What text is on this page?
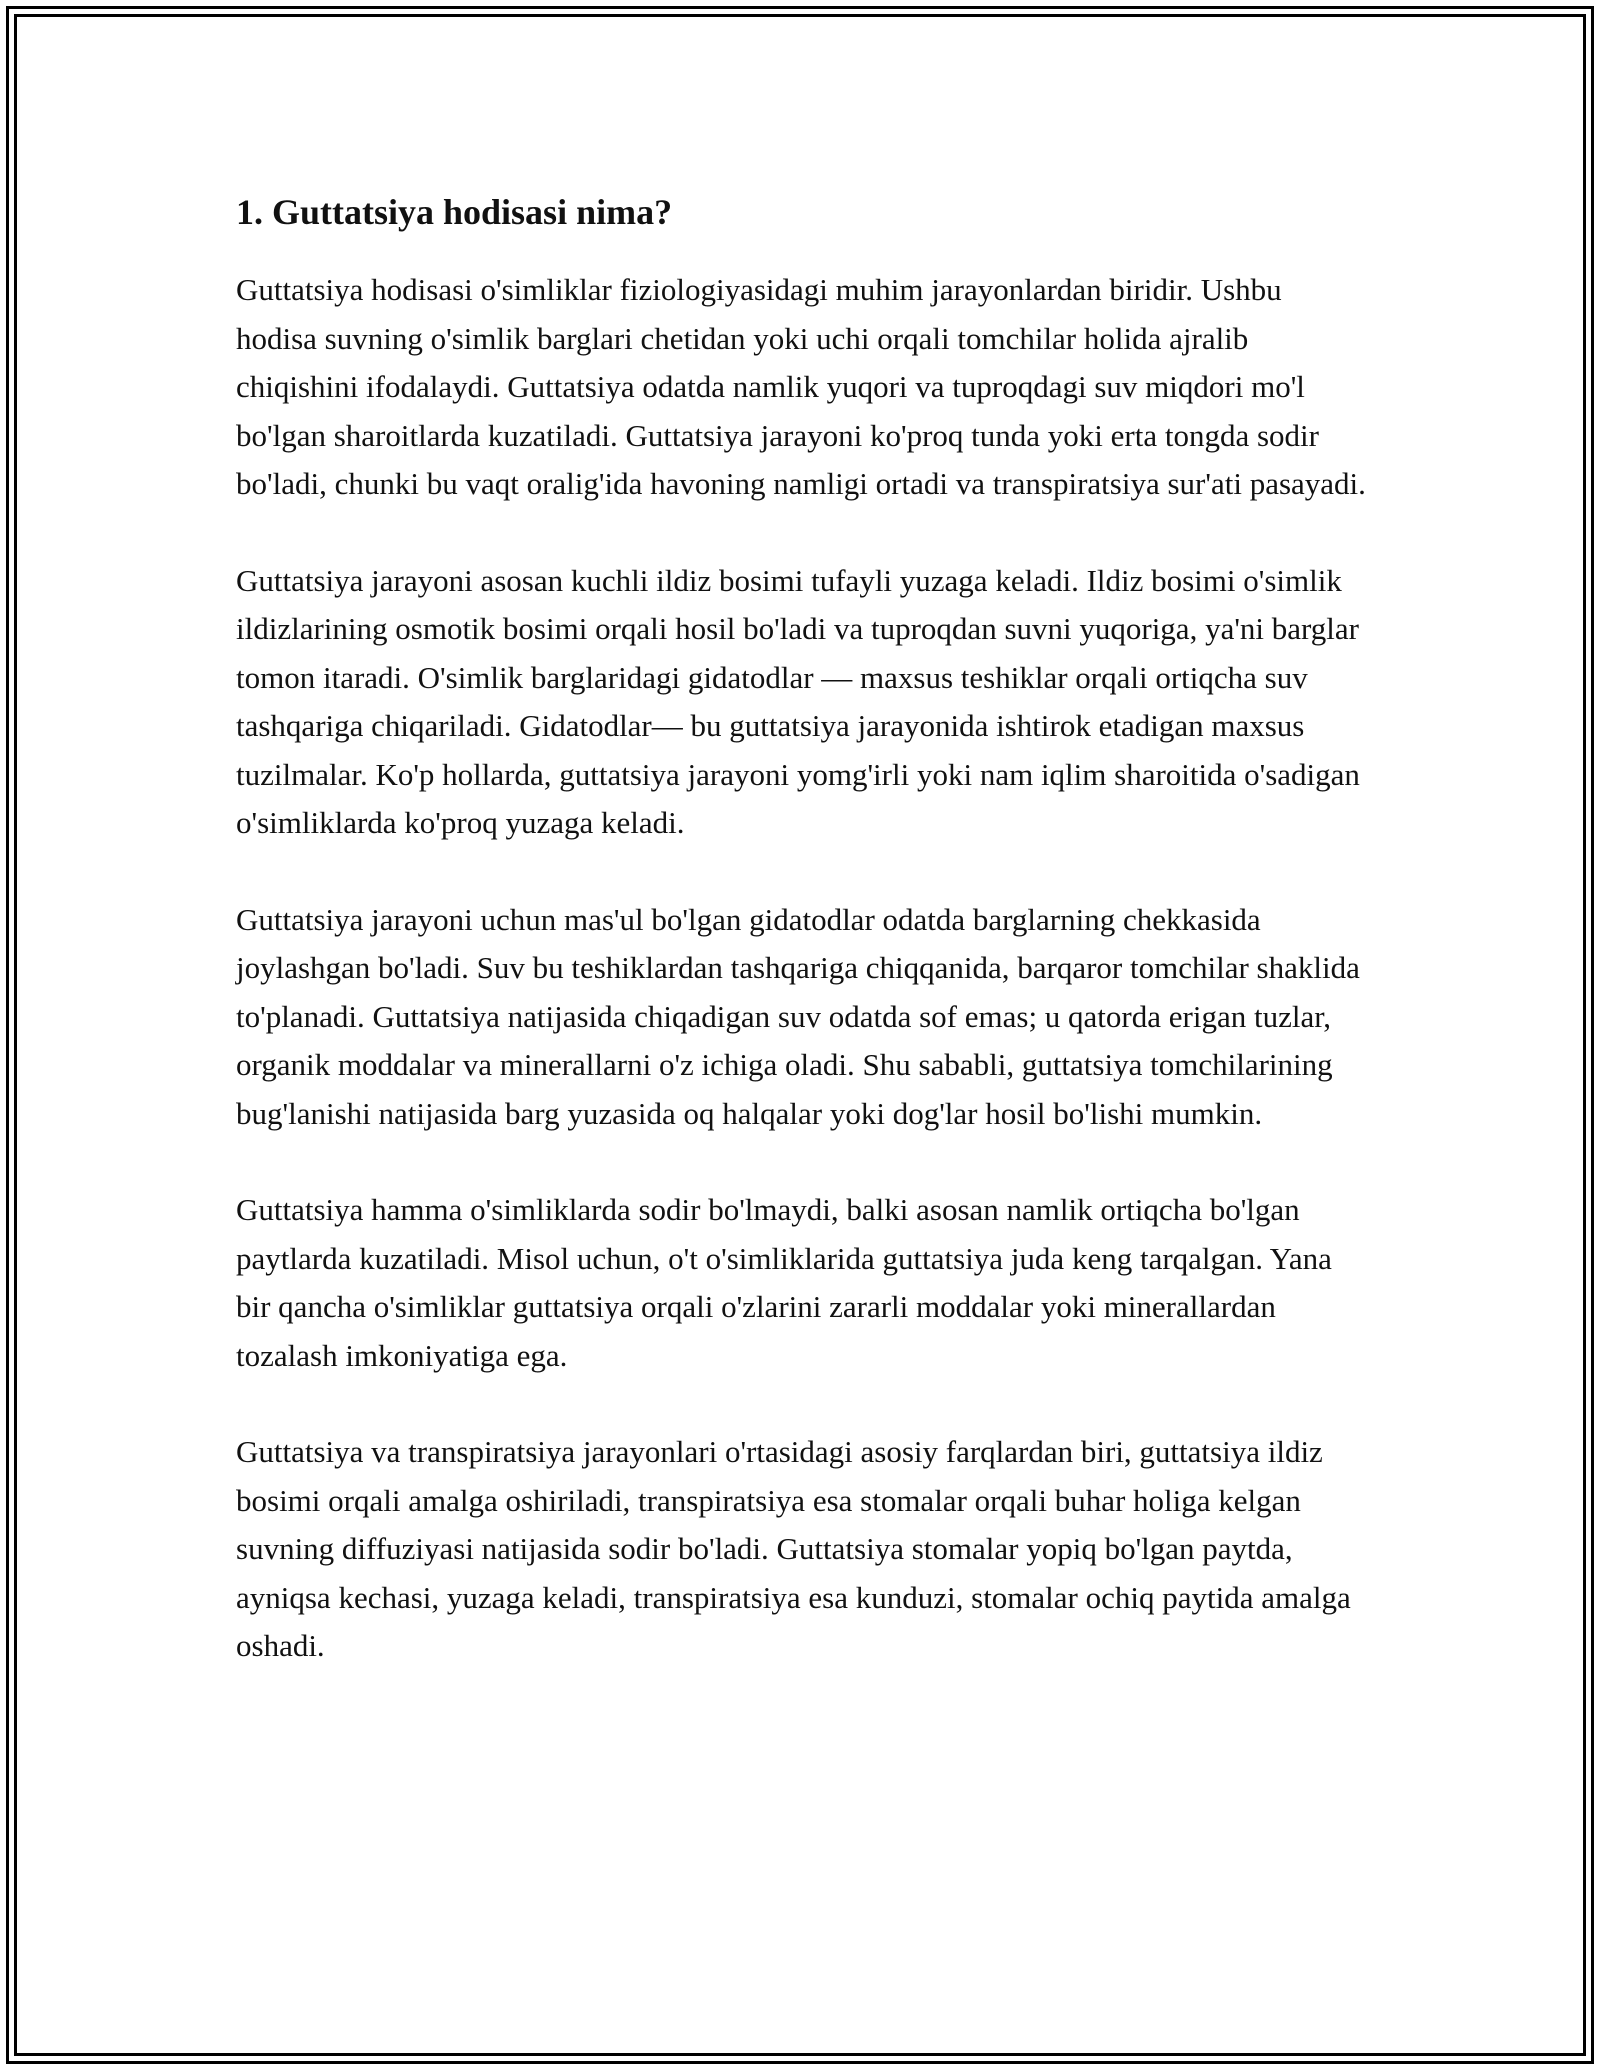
1. Guttatsiya hodisasi nima?

Guttatsiya hodisasi o'simliklar fiziologiyasidagi muhim jarayonlardan biridir. Ushbu hodisa suvning o'simlik barglari chetidan yoki uchi orqali tomchilar holida ajralib chiqishini ifodalaydi. Guttatsiya odatda namlik yuqori va tuproqdagi suv miqdori mo'l bo'lgan sharoitlarda kuzatiladi. Guttatsiya jarayoni ko'proq tunda yoki erta tongda sodir bo'ladi, chunki bu vaqt oralig'ida havoning namligi ortadi va transpiratsiya sur'ati pasayadi.

Guttatsiya jarayoni asosan kuchli ildiz bosimi tufayli yuzaga keladi. Ildiz bosimi o'simlik ildizlarining osmotik bosimi orqali hosil bo'ladi va tuproqdan suvni yuqoriga, ya'ni barglar tomon itaradi. O'simlik barglaridagi gidatodlar — maxsus teshiklar orqali ortiqcha suv tashqariga chiqariladi. Gidatodlar— bu guttatsiya jarayonida ishtirok etadigan maxsus tuzilmalar. Ko'p hollarda, guttatsiya jarayoni yomg'irli yoki nam iqlim sharoitida o'sadigan o'simliklarda ko'proq yuzaga keladi.

Guttatsiya jarayoni uchun mas'ul bo'lgan gidatodlar odatda barglarning chekkasida joylashgan bo'ladi. Suv bu teshiklardan tashqariga chiqqanida, barqaror tomchilar shaklida to'planadi. Guttatsiya natijasida chiqadigan suv odatda sof emas; u qatorda erigan tuzlar, organik moddalar va minerallarni o'z ichiga oladi. Shu sababli, guttatsiya tomchilarining bug'lanishi natijasida barg yuzasida oq halqalar yoki dog'lar hosil bo'lishi mumkin.

Guttatsiya hamma o'simliklarda sodir bo'lmaydi, balki asosan namlik ortiqcha bo'lgan paytlarda kuzatiladi. Misol uchun, o't o'simliklarida guttatsiya juda keng tarqalgan. Yana bir qancha o'simliklar guttatsiya orqali o'zlarini zararli moddalar yoki minerallardan tozalash imkoniyatiga ega.

Guttatsiya va transpiratsiya jarayonlari o'rtasidagi asosiy farqlardan biri, guttatsiya ildiz bosimi orqali amalga oshiriladi, transpiratsiya esa stomalar orqali buhar holiga kelgan suvning diffuziyasi natijasida sodir bo'ladi. Guttatsiya stomalar yopiq bo'lgan paytda, ayniqsa kechasi, yuzaga keladi, transpiratsiya esa kunduzi, stomalar ochiq paytida amalga oshadi.
